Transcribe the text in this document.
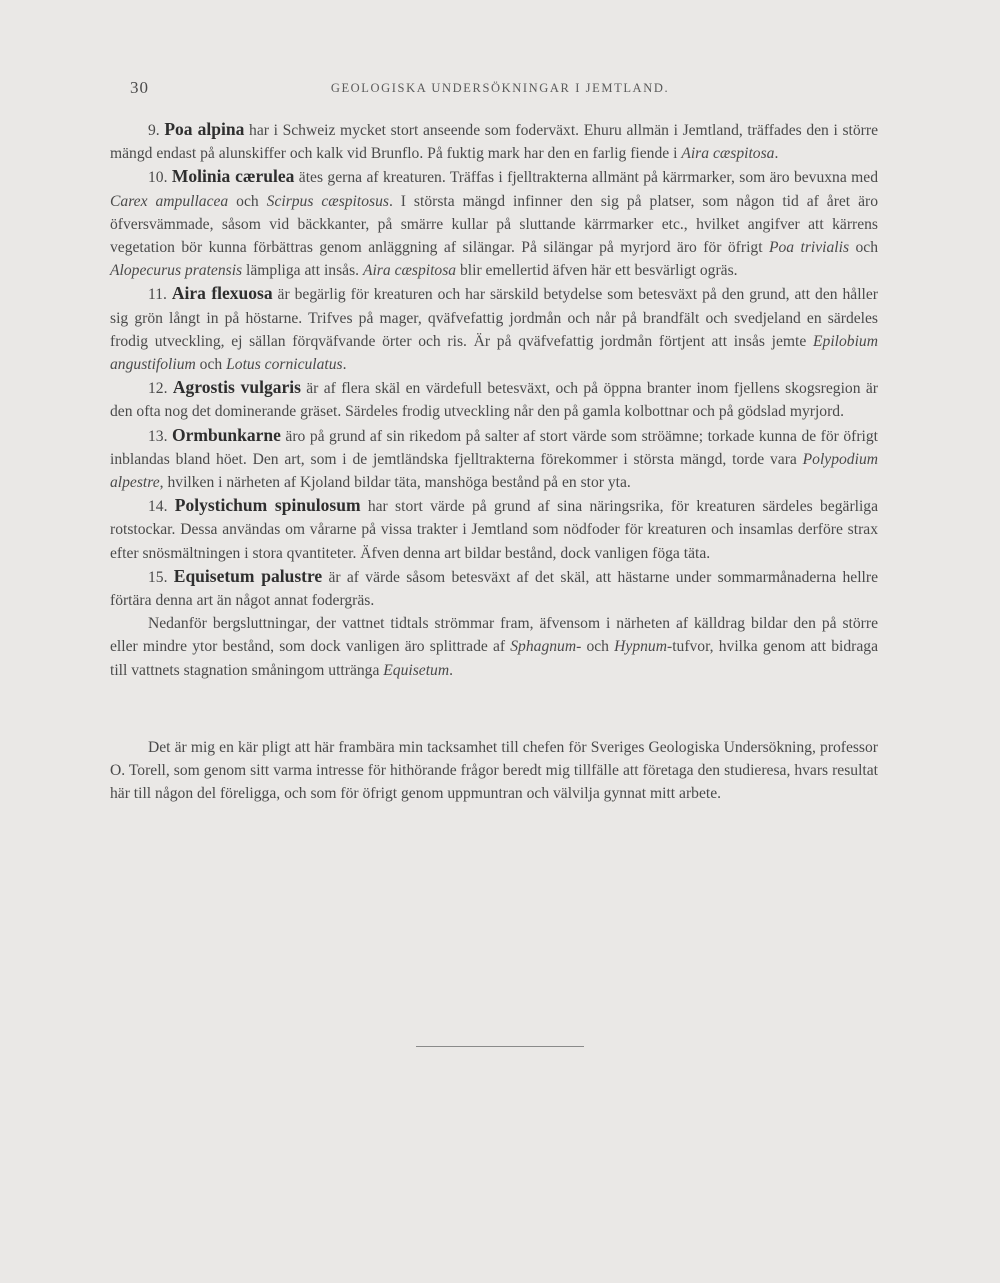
30	GEOLOGISKA UNDERSÖKNINGAR I JEMTLAND.

9. Poa alpina har i Schweiz mycket stort anseende som foderväxt. Ehuru allmän i Jemtland, träffades den i större mängd endast på alunskiffer och kalk vid Brunflo. På fuktig mark har den en farlig fiende i Aira cæspitosa.

10. Molinia cærulea ätes gerna af kreaturen. Träffas i fjelltrakterna allmänt på kärrmarker, som äro bevuxna med Carex ampullacea och Scirpus cæspitosus. I största mängd infinner den sig på platser, som någon tid af året äro öfversvämmade, såsom vid bäckkanter, på smärre kullar på sluttande kärrmarker etc., hvilket angifver att kärrens vegetation bör kunna förbättras genom anläggning af silängar. På silängar på myrjord äro för öfrigt Poa trivialis och Alopecurus pratensis lämpliga att insås. Aira cæspitosa blir emellertid äfven här ett besvärligt ogräs.

11. Aira flexuosa är begärlig för kreaturen och har särskild betydelse som betesväxt på den grund, att den håller sig grön långt in på höstarne. Trifves på mager, qväfvefattig jordmån och når på brandfält och svedjeland en särdeles frodig utveckling, ej sällan förqväfvande örter och ris. Är på qväfvefattig jordmån förtjent att insås jemte Epilobium angustifolium och Lotus corniculatus.

12. Agrostis vulgaris är af flera skäl en värdefull betesväxt, och på öppna branter inom fjellens skogsregion är den ofta nog det dominerande gräset. Särdeles frodig utveckling når den på gamla kolbottnar och på gödslad myrjord.

13. Ormbunkarne äro på grund af sin rikedom på salter af stort värde som ströämne; torkade kunna de för öfrigt inblandas bland höet. Den art, som i de jemtländska fjelltrakterna förekommer i största mängd, torde vara Polypodium alpestre, hvilken i närheten af Kjoland bildar täta, manshöga bestånd på en stor yta.

14. Polystichum spinulosum har stort värde på grund af sina näringsrika, för kreaturen särdeles begärliga rotstockar. Dessa användas om vårarne på vissa trakter i Jemtland som nödfoder för kreaturen och insamlas derföre strax efter snösmältningen i stora qvantiteter. Äfven denna art bildar bestånd, dock vanligen föga täta.

15. Equisetum palustre är af värde såsom betesväxt af det skäl, att hästarne under sommarmånaderna hellre förtära denna art än något annat fodergräs.

Nedanför bergsluttningar, der vattnet tidtals strömmar fram, äfvensom i närheten af källdrag bildar den på större eller mindre ytor bestånd, som dock vanligen äro splittrade af Sphagnum- och Hypnum-tufvor, hvilka genom att bidraga till vattnets stagnation småningom uttränga Equisetum.

Det är mig en kär pligt att här frambära min tacksamhet till chefen för Sveriges Geologiska Undersökning, professor O. Torell, som genom sitt varma intresse för hithörande frågor beredt mig tillfälle att företaga den studieresa, hvars resultat här till någon del föreligga, och som för öfrigt genom uppmuntran och välvilja gynnat mitt arbete.
